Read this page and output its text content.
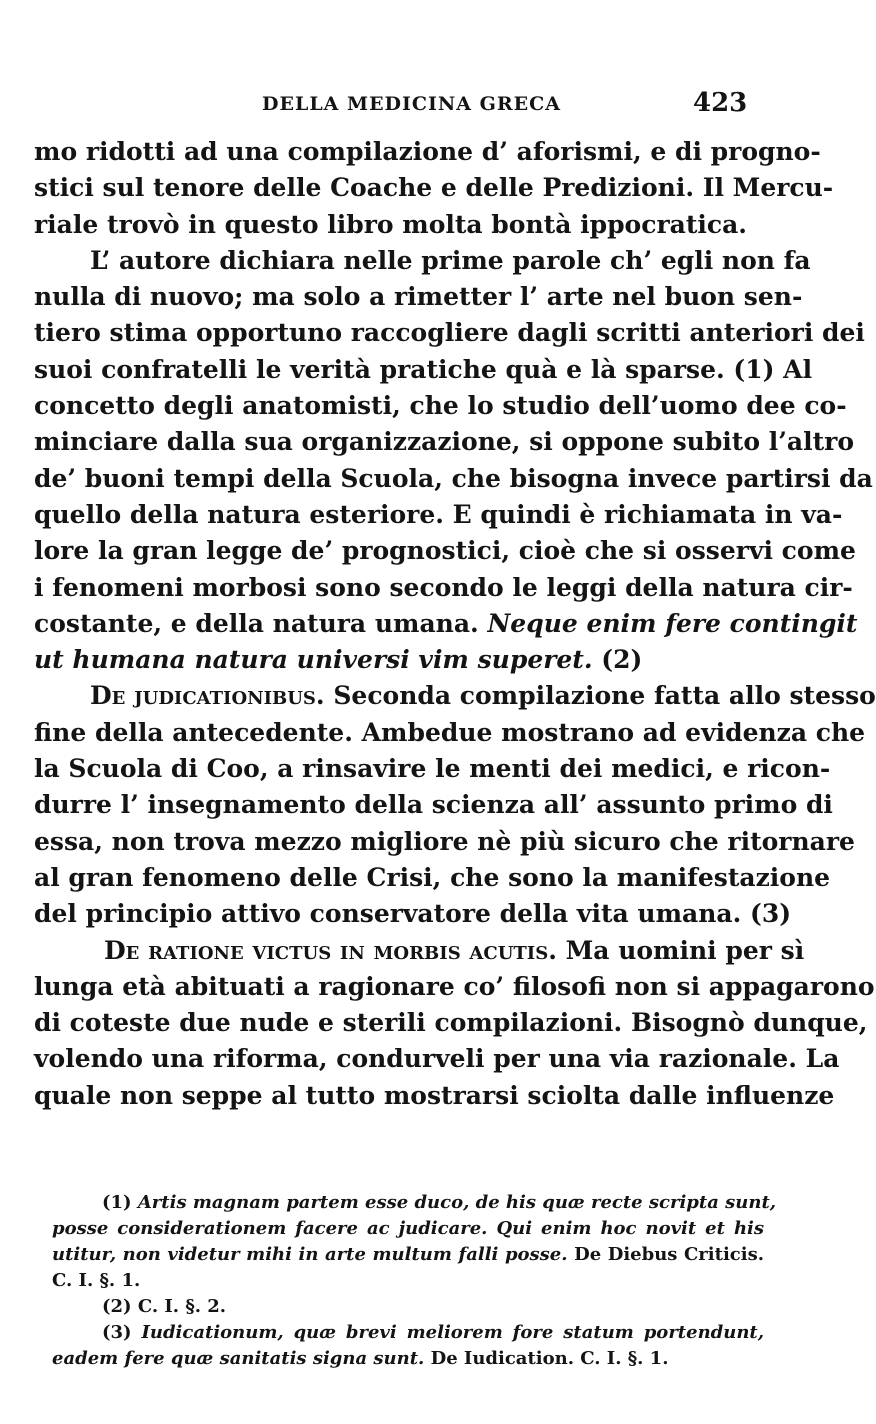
DELLA MEDICINA GRECA	423
mo ridotti ad una compilazione d’ aforismi, e di progno-
stici sul tenore delle Coache e delle Predizioni. Il Mercu-
riale trovò in questo libro molta bontà ippocratica.
L’ autore dichiara nelle prime parole ch’ egli non fa
nulla di nuovo; ma solo a rimetter l’ arte nel buon sen-
tiero stima opportuno raccogliere dagli scritti anteriori dei
suoi confratelli le verità pratiche quà e là sparse. (1) Al
concetto degli anatomisti, che lo studio dell’uomo dee co-
minciare dalla sua organizzazione, si oppone subito l’altro
de’ buoni tempi della Scuola, che bisogna invece partirsi da
quello della natura esteriore. E quindi è richiamata in va-
lore la gran legge de’ prognostici, cioè che si osservi come
i fenomeni morbosi sono secondo le leggi della natura cir-
costante, e della natura umana. Neque enim fere contingit
ut humana natura universi vim superet. (2)
De judicationibus. Seconda compilazione fatta allo stesso
fine della antecedente. Ambedue mostrano ad evidenza che
la Scuola di Coo, a rinsavire le menti dei medici, e ricon-
durre l’ insegnamento della scienza all’ assunto primo di
essa, non trova mezzo migliore nè più sicuro che ritornare
al gran fenomeno delle Crisi, che sono la manifestazione
del principio attivo conservatore della vita umana. (3)
De ratione victus in morbis acutis. Ma uomini per sì
lunga età abituati a ragionare co’ filosofi non si appagarono
di coteste due nude e sterili compilazioni. Bisognò dunque,
volendo una riforma, condurveli per una via razionale. La
quale non seppe al tutto mostrarsi sciolta dalle influenze
(1) Artis magnam partem esse duco, de his quæ recte scripta sunt,
posse considerationem facere ac judicare. Qui enim hoc novit et his
utitur, non videtur mihi in arte multum falli posse. De Diebus Criticis.
C. I. §. 1.
(2) C. I. §. 2.
(3) Iudicationum, quæ brevi meliorem fore statum portendunt,
eadem fere quæ sanitatis signa sunt. De Iudication. C. I. §. 1.
